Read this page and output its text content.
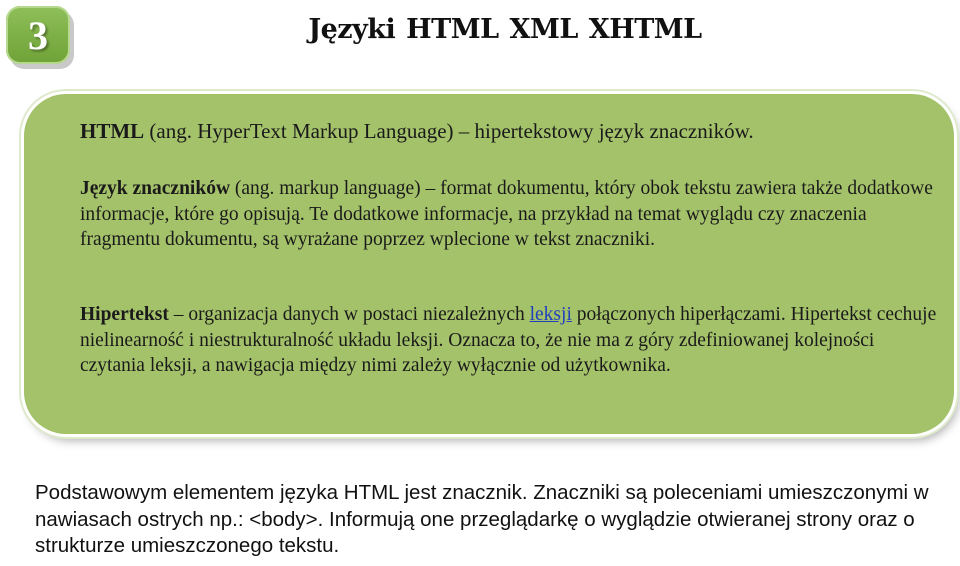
3	Języki HTML XML XHTML

HTML (ang. HyperText Markup Language) – hipertekstowy język znaczników.

Język znaczników (ang. markup language) – format dokumentu, który obok tekstu zawiera także dodatkowe informacje, które go opisują. Te dodatkowe informacje, na przykład na temat wyglądu czy znaczenia fragmentu dokumentu, są wyrażane poprzez wplecione w tekst znaczniki.

Hipertekst – organizacja danych w postaci niezależnych leksji połączonych hiperłączami. Hipertekst cechuje nielinearność i niestrukturalność układu leksji. Oznacza to, że nie ma z góry zdefiniowanej kolejności czytania leksji, a nawigacja między nimi zależy wyłącznie od użytkownika.

Podstawowym elementem języka HTML jest znacznik. Znaczniki są poleceniami umieszczonymi w nawiasach ostrych np.: <body>. Informują one przeglądarkę o wyglądzie otwieranej strony oraz o strukturze umieszczonego tekstu.
